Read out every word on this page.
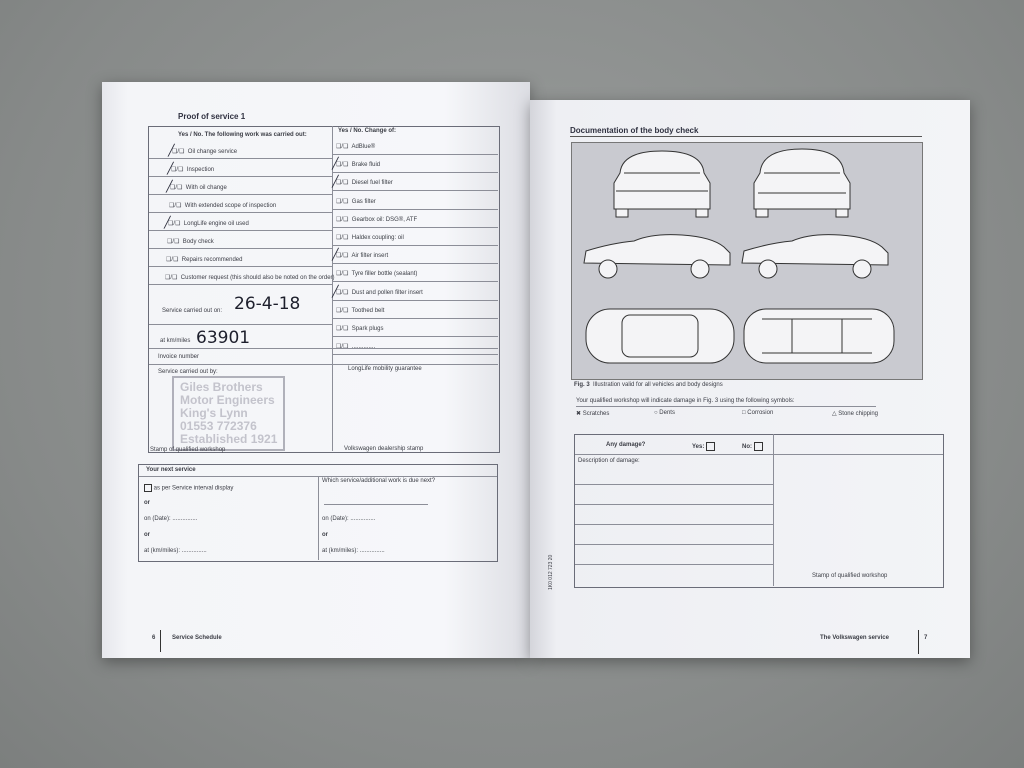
Proof of service 1
Yes / No. The following work was carried out:
Yes / No. Change of:
❑/❑ Oil change service
╱
❑/❑ Inspection
╱
❑/❑ With oil change
╱
❑/❑ With extended scope of inspection
❑/❑ LongLife engine oil used
╱
❑/❑ Body check
❑/❑ Repairs recommended
❑/❑ Customer request (this should also be noted on the order)
❑/❑ AdBlue®
❑/❑ Brake fluid
╱
❑/❑ Diesel fuel filter
╱
❑/❑ Gas filter
❑/❑ Gearbox oil: DSG®, ATF
❑/❑ Haldex coupling: oil
❑/❑ Air filter insert
╱
❑/❑ Tyre filler bottle (sealant)
❑/❑ Dust and pollen filter insert
╱
❑/❑ Toothed belt
❑/❑ Spark plugs

Service carried out on: 26-4-18
at km/miles 63901
Invoice number
Service carried out by:	LongLife mobility guarantee
Giles Brothers
Motor Engineers
King's Lynn
01553 772376
Established 1921
Stamp of qualified workshop	Volkswagen dealership stamp
Your next service
as per Service interval display
or
on (Date): ...............
or
at (km/miles): ...............
Which service/additional work is due next?
on (Date): ...............
or
at (km/miles): ...............
6	Service Schedule
Documentation of the body check
Fig. 3 Illustration valid for all vehicles and body designs
Your qualified workshop will indicate damage in Fig. 3 using the following symbols:
✖ Scratches	○ Dents	□ Corrosion	△ Stone chipping
Any damage?	Yes:	No:
Description of damage:
Stamp of qualified workshop
1K0 012 723 20
The Volkswagen service	7
